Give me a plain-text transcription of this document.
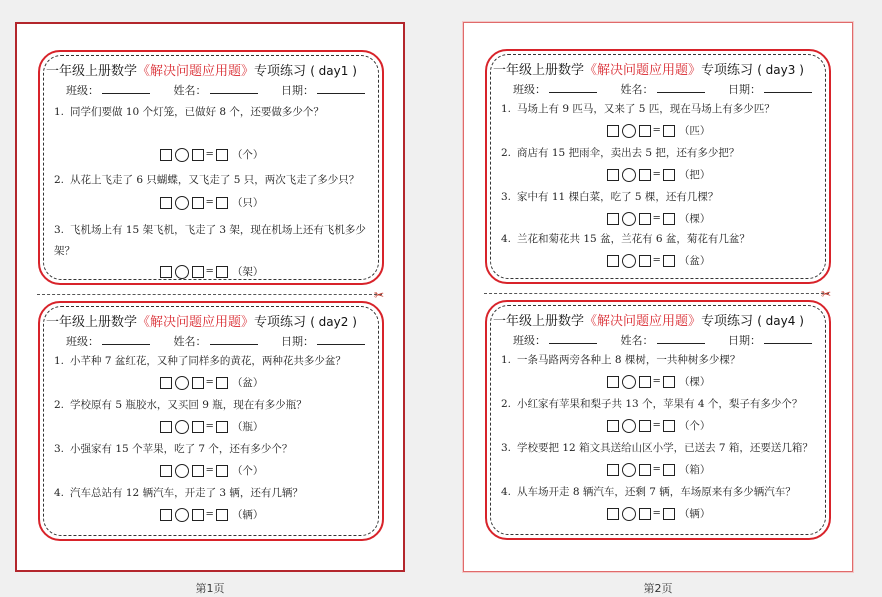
一年级上册数学《解决问题应用题》专项练习 ( day1 )
班级：	姓名：	日期：
1. 同学们要做 10 个灯笼，已做好 8 个，还要做多少个？
= （个）
2. 从花上飞走了 6 只蝴蝶，又飞走了 5 只，两次飞走了多少只？
= （只）
3. 飞机场上有 15 架飞机，飞走了 3 架，现在机场上还有飞机多少架？
= （架）
✂
一年级上册数学《解决问题应用题》专项练习 ( day2 )
班级：	姓名：	日期：
1. 小芊种 7 盆红花，又种了同样多的黄花，两种花共多少盆？
= （盆）
2. 学校原有 5 瓶胶水，又买回 9 瓶，现在有多少瓶？
= （瓶）
3. 小强家有 15 个苹果，吃了 7 个，还有多少个？
= （个）
4. 汽车总站有 12 辆汽车，开走了 3 辆，还有几辆？
= （辆）
第1页
一年级上册数学《解决问题应用题》专项练习 ( day3 )
班级：	姓名：	日期：
1. 马场上有 9 匹马，又来了 5 匹，现在马场上有多少匹？
= （匹）
2. 商店有 15 把雨伞，卖出去 5 把，还有多少把？
= （把）
3. 家中有 11 棵白菜，吃了 5 棵，还有几棵？
= （棵）
4. 兰花和菊花共 15 盆，兰花有 6 盆，菊花有几盆？
= （盆）
✂
一年级上册数学《解决问题应用题》专项练习 ( day4 )
班级：	姓名：	日期：
1. 一条马路两旁各种上 8 棵树，一共种树多少棵？
= （棵）
2. 小红家有苹果和梨子共 13 个，苹果有 4 个，梨子有多少个？
= （个）
3. 学校要把 12 箱文具送给山区小学，已送去 7 箱，还要送几箱？
= （箱）
4. 从车场开走 8 辆汽车，还剩 7 辆，车场原来有多少辆汽车？
= （辆）
第2页
